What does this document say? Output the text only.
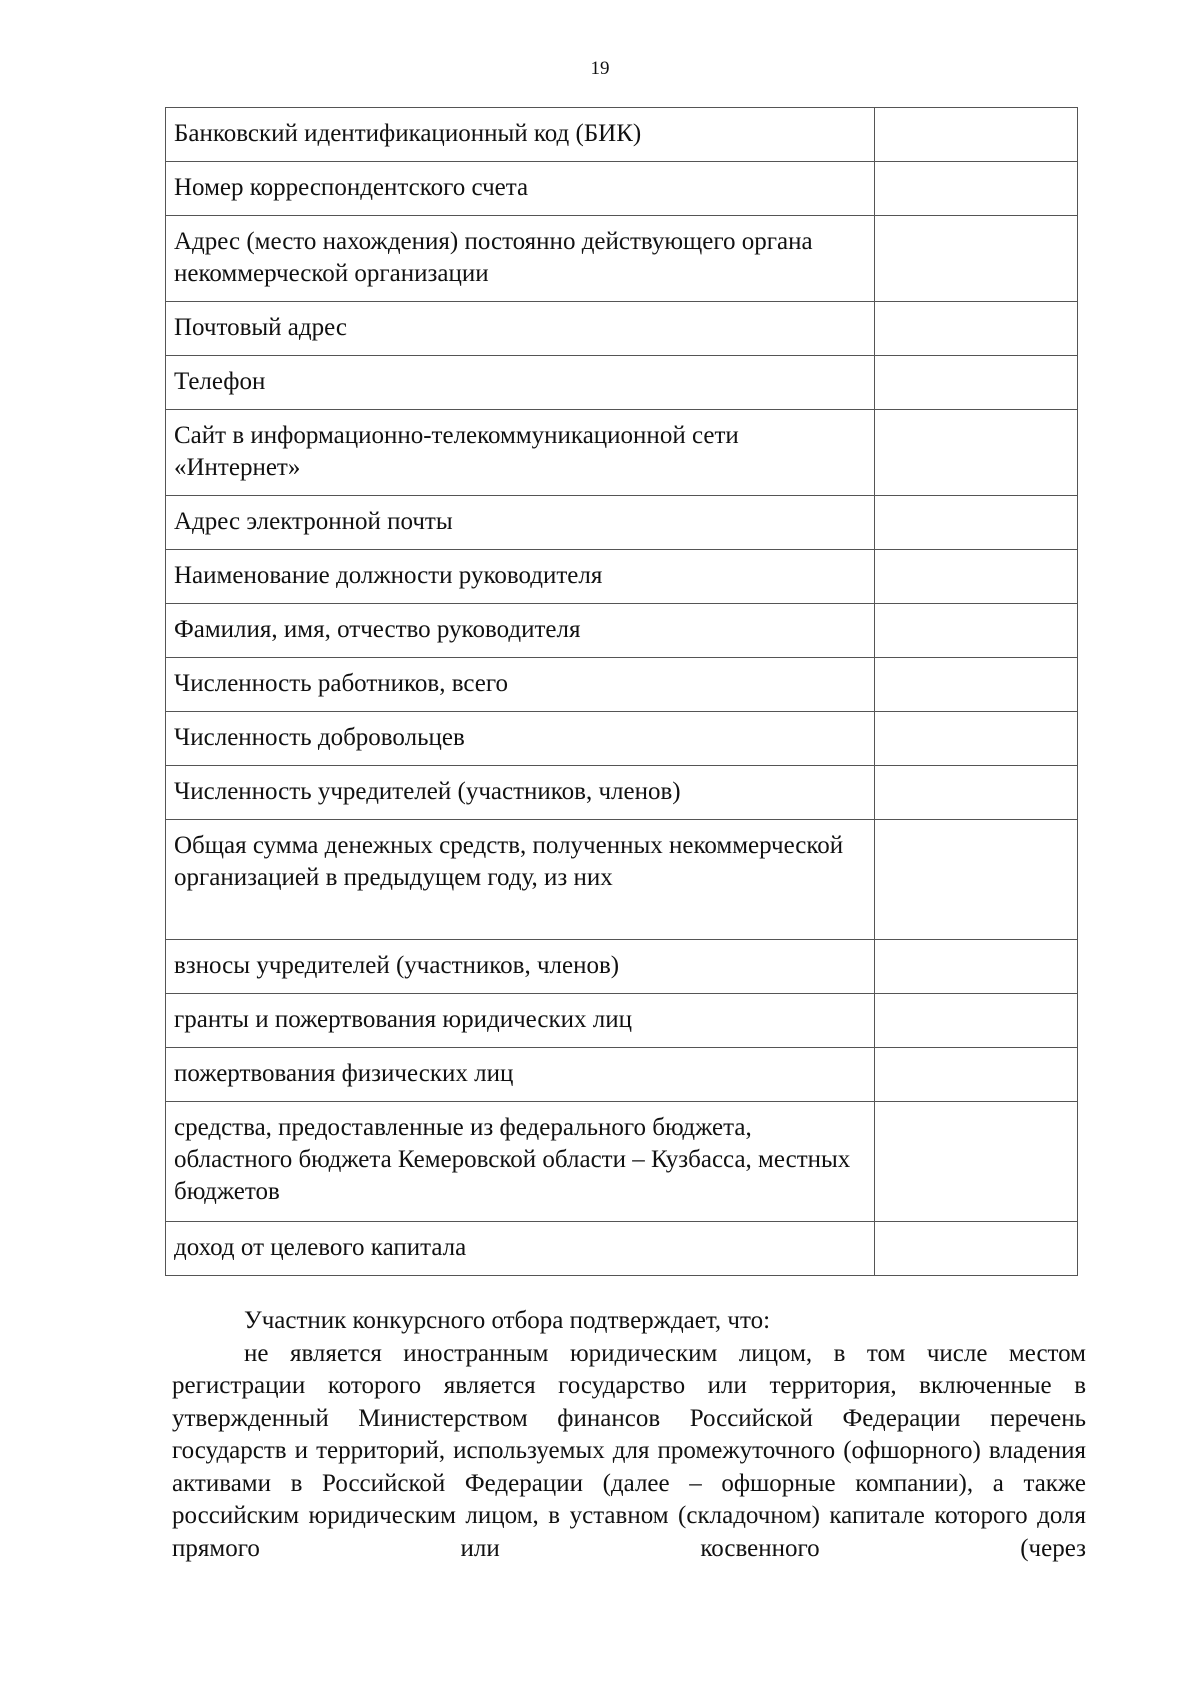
19
Банковский идентификационный код (БИК)	
Номер корреспондентского счета	
Адрес (место нахождения) постоянно действующего органа некоммерческой организации	
Почтовый адрес	
Телефон	
Сайт в информационно-телекоммуникационной сети «Интернет»	
Адрес электронной почты	
Наименование должности руководителя	
Фамилия, имя, отчество руководителя	
Численность работников, всего	
Численность добровольцев	
Численность учредителей (участников, членов)	
Общая сумма денежных средств, полученных некоммерческой организацией в предыдущем году, из них	
взносы учредителей (участников, членов)	
гранты и пожертвования юридических лиц	
пожертвования физических лиц	
средства, предоставленные из федерального бюджета, областного бюджета Кемеровской области – Кузбасса, местных бюджетов	
доход от целевого капитала	

Участник конкурсного отбора подтверждает, что:

не является иностранным юридическим лицом, в том числе местом регистрации которого является государство или территория, включенные в утвержденный Министерством финансов Российской Федерации перечень государств и территорий, используемых для промежуточного (офшорного) владения активами в Российской Федерации (далее – офшорные компании), а также российским юридическим лицом, в уставном (складочном) капитале которого доля прямого или косвенного (через
